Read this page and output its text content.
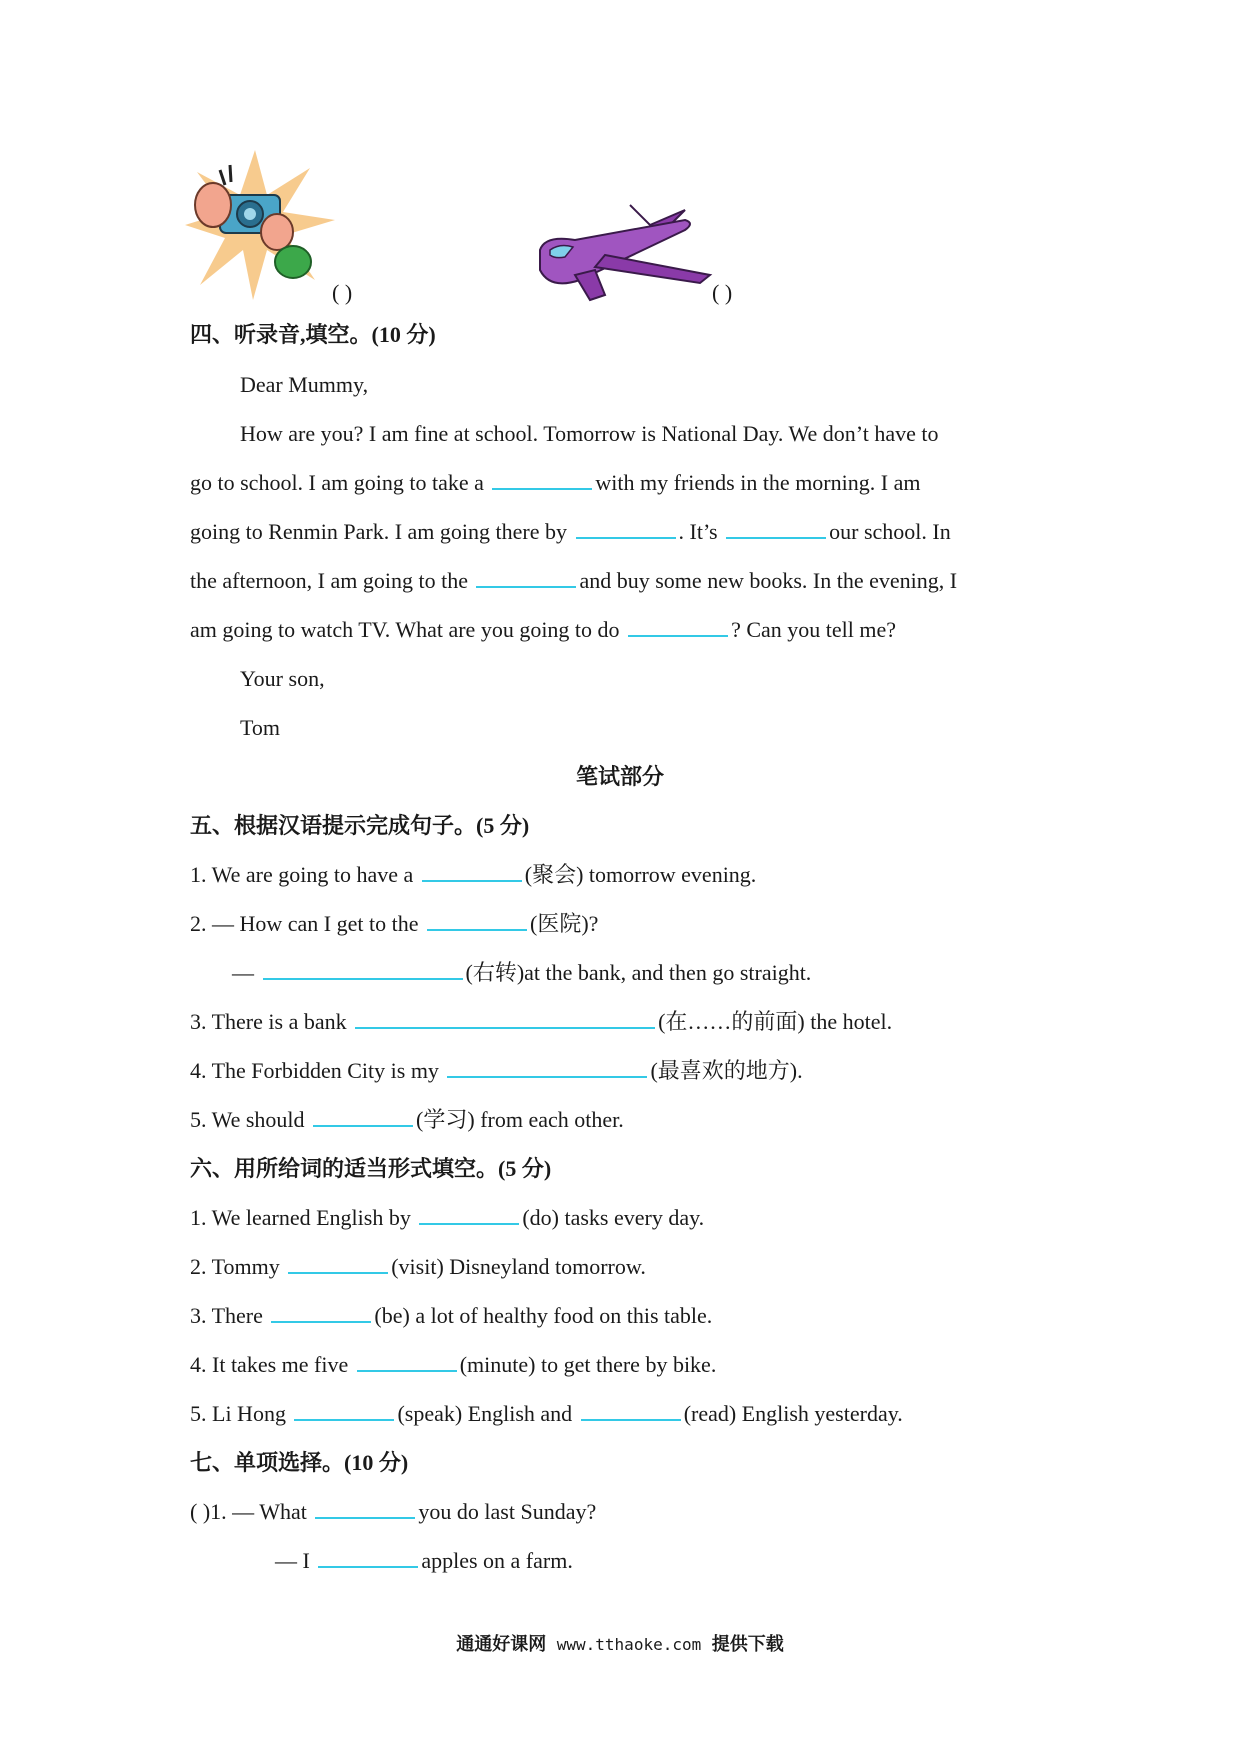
( )	( )
四、听录音,填空。(10 分)
Dear Mummy,
How are you? I am fine at school. Tomorrow is National Day. We don’t have to
go to school. I am going to take a	with my friends in the morning. I am
going to Renmin Park. I am going there by	. It’s	our school. In
the afternoon, I am going to the	and buy some new books. In the evening, I
am going to watch TV. What are you going to do	? Can you tell me?
Your son,
Tom
笔试部分
五、根据汉语提示完成句子。(5 分)
1. We are going to have a	(聚会) tomorrow evening.
2. — How can I get to the	(医院)?
—	(右转)at the bank, and then go straight.
3. There is a bank	(在……的前面) the hotel.
4. The Forbidden City is my	(最喜欢的地方).
5. We should	(学习) from each other.
六、用所给词的适当形式填空。(5 分)
1. We learned English by	(do) tasks every day.
2. Tommy	(visit) Disneyland tomorrow.
3. There	(be) a lot of healthy food on this table.
4. It takes me five	(minute) to get there by bike.
5. Li Hong	(speak) English and	(read) English yesterday.
七、单项选择。(10 分)
( )1. — What	you do last Sunday?
— I	apples on a farm.
通通好课网 www.tthaoke.com 提供下载
